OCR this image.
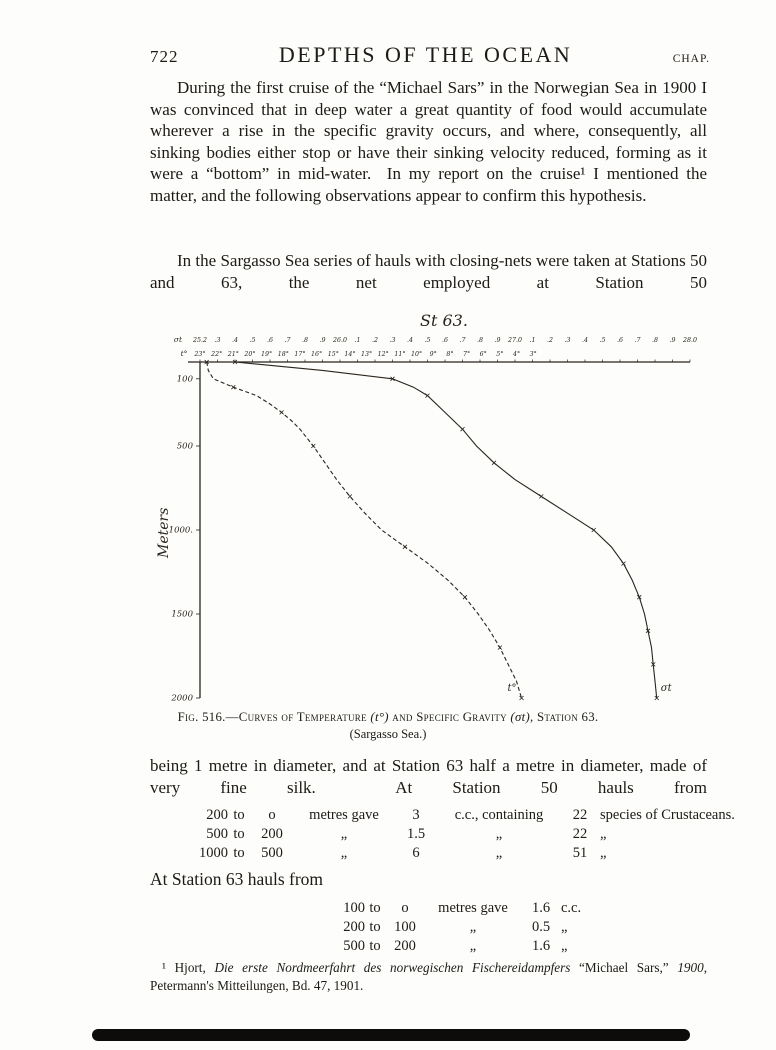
722	DEPTHS OF THE OCEAN	CHAP.

During the first cruise of the “Michael Sars” in the Norwegian Sea in 1900 I was convinced that in deep water a great quantity of food would accumulate wherever a rise in the specific gravity occurs, and where, consequently, all sinking bodies either stop or have their sinking velocity reduced, forming as it were a “bottom” in mid-water.  In my report on the cruise¹ I mentioned the matter, and the following observations appear to confirm this hypothesis.

In the Sargasso Sea series of hauls with closing-nets were taken at Stations 50 and 63, the net employed at Station 50

St 63.
σt 25.2 .3 .4 .5 .6 .7 .8 .9 26.0 .1 .2 .3 .4 .5 .6 .7 .8 .9 27.0 .1 .2 .3 .4 .5 .6 .7 .8 .9 28.0
t° 23° 22° 21° 20° 19° 18° 17° 16° 15° 14° 13° 12° 11° 10° 9° 8° 7° 6° 5° 4° 3°
100
500
1000.
1500
2000
Meters
t°	σt
Fig. 516.—Curves of Temperature (t°) and Specific Gravity (σt), Station 63.
(Sargasso Sea.)

being 1 metre in diameter, and at Station 63 half a metre in diameter, made of very fine silk.  At Station 50 hauls from

200 to	o	metres gave	3	c.c., containing	22 species of Crustaceans.
500 to	200	„	1.5	„	22 „
1000 to	500	„	6	„	51 „

At Station 63 hauls from

100 to	o	metres gave	1.6 c.c.
200 to 100	„	0.5 „
500 to 200	„	1.6 „
¹ Hjort, Die erste Nordmeerfahrt des norwegischen Fischereidampfers “Michael Sars,” 1900, Petermann's Mitteilungen, Bd. 47, 1901.
